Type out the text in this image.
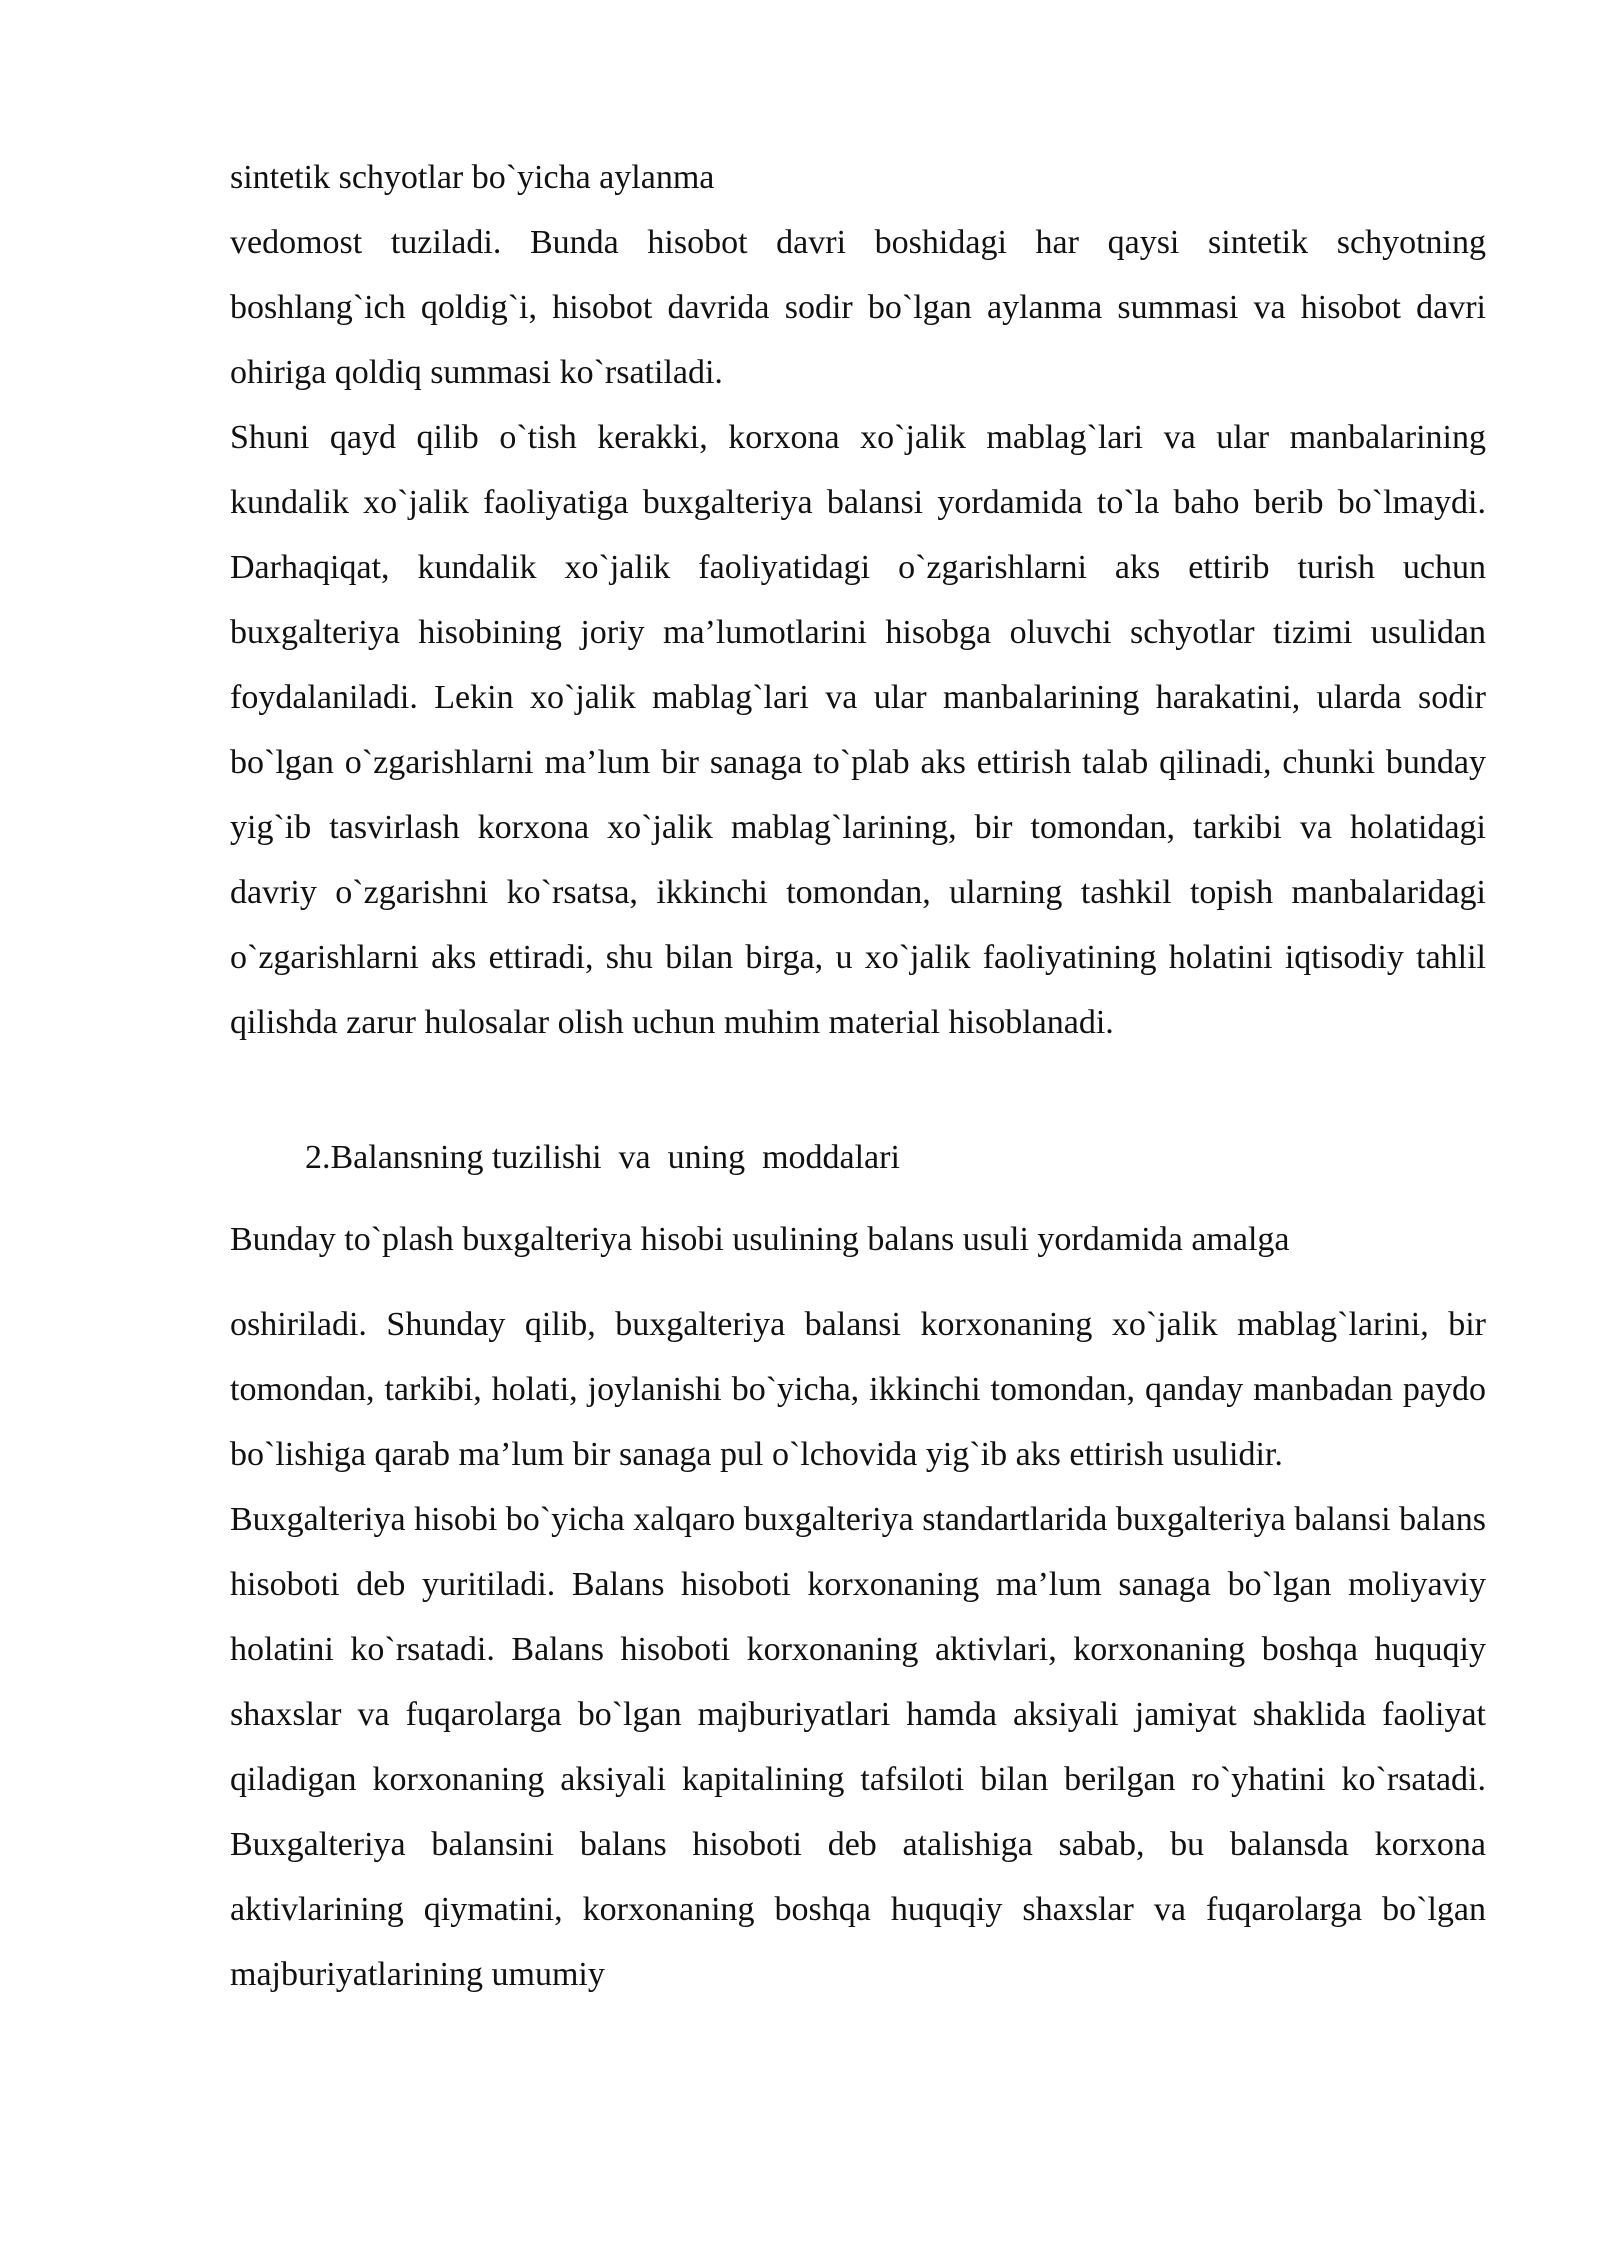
sintetik schyotlar bo`yicha aylanma

vedomost tuziladi. Bunda hisobot davri boshidagi har qaysi sintetik schyotning boshlang`ich qoldig`i, hisobot davrida sodir bo`lgan aylanma summasi va hisobot davri ohiriga qoldiq summasi ko`rsatiladi.

Shuni qayd qilib o`tish kerakki, korxona xo`jalik mablag`lari va ular manbalarining kundalik xo`jalik faoliyatiga buxgalteriya balansi yordamida to`la baho berib bo`lmaydi. Darhaqiqat, kundalik xo`jalik faoliyatidagi o`zgarishlarni aks ettirib turish uchun buxgalteriya hisobining joriy ma’lumotlarini hisobga oluvchi schyotlar tizimi usulidan foydalaniladi. Lekin xo`jalik mablag`lari va ular manbalarining harakatini, ularda sodir bo`lgan o`zgarishlarni ma’lum bir sanaga to`plab aks ettirish talab qilinadi, chunki bunday yig`ib tasvirlash korxona xo`jalik mablag`larining, bir tomondan, tarkibi va holatidagi davriy o`zgarishni ko`rsatsa, ikkinchi tomondan, ularning tashkil topish manbalaridagi o`zgarishlarni aks ettiradi, shu bilan birga, u xo`jalik faoliyatining holatini iqtisodiy tahlil qilishda zarur hulosalar olish uchun muhim material hisoblanadi.

2.Balansning tuzilishi  va  uning  moddalari
Bunday to`plash buxgalteriya hisobi usulining balans usuli yordamida amalga

oshiriladi. Shunday qilib, buxgalteriya balansi korxonaning xo`jalik mablag`larini, bir tomondan, tarkibi, holati, joylanishi bo`yicha, ikkinchi tomondan, qanday manbadan paydo bo`lishiga qarab ma’lum bir sanaga pul o`lchovida yig`ib aks ettirish usulidir.

Buxgalteriya hisobi bo`yicha xalqaro buxgalteriya standartlarida buxgalteriya balansi balans hisoboti deb yuritiladi. Balans hisoboti korxonaning ma’lum sanaga bo`lgan moliyaviy holatini ko`rsatadi. Balans hisoboti korxonaning aktivlari, korxonaning boshqa huquqiy shaxslar va fuqarolarga bo`lgan majburiyatlari hamda aksiyali jamiyat shaklida faoliyat qiladigan korxonaning aksiyali kapitalining tafsiloti bilan berilgan ro`yhatini ko`rsatadi. Buxgalteriya balansini balans hisoboti deb atalishiga sabab, bu balansda korxona aktivlarining qiymatini, korxonaning boshqa huquqiy shaxslar va fuqarolarga bo`lgan majburiyatlarining umumiy
